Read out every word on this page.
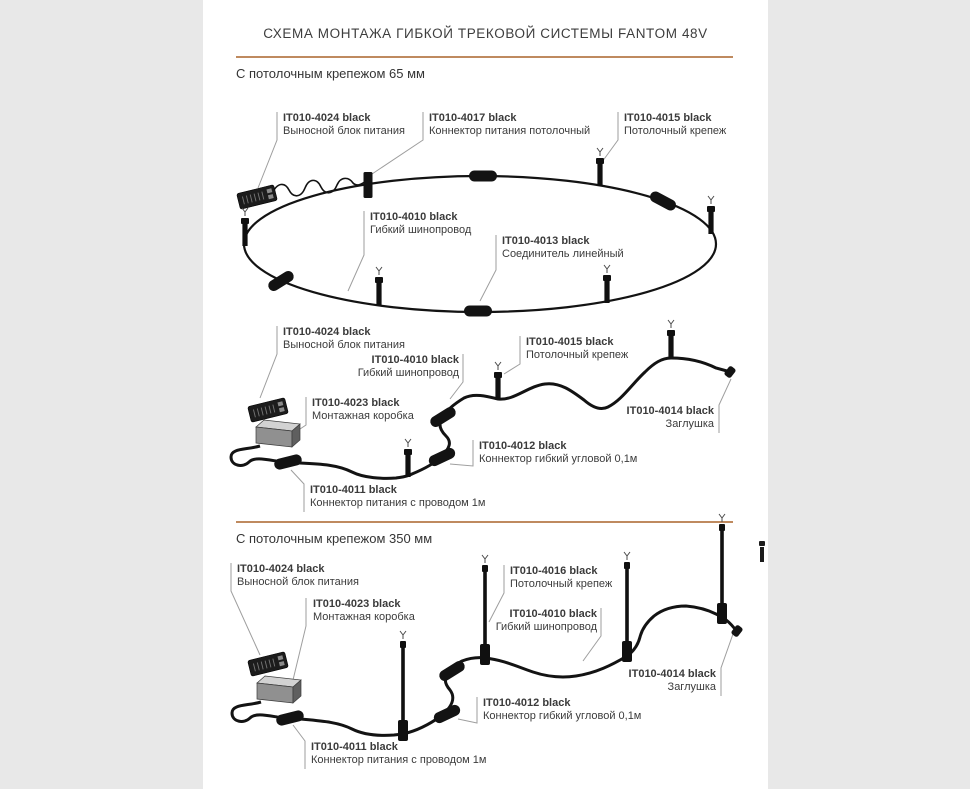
СХЕМА МОНТАЖА ГИБКОЙ ТРЕКОВОЙ СИСТЕМЫ FANTOM 48V
С потолочным крепежом 65 мм
С потолочным крепежом 350 мм
IT010-4024 black
Выносной блок питания
IT010-4017 black
Коннектор питания потолочный
IT010-4015 black
Потолочный крепеж
IT010-4010 black
Гибкий шинопровод
IT010-4013 black
Соединитель линейный
IT010-4024 black
Выносной блок питания
IT010-4010 black
Гибкий шинопровод
IT010-4015 black
Потолочный крепеж
IT010-4023 black
Монтажная коробка	IT010-4014 black
Заглушка
IT010-4012 black
Коннектор гибкий угловой 0,1м
IT010-4011 black
Коннектор питания с проводом 1м
IT010-4024 black
Выносной блок питания
IT010-4023 black
Монтажная коробка
IT010-4016 black
Потолочный крепеж
IT010-4010 black
Гибкий шинопровод
IT010-4014 black
Заглушка
IT010-4012 black
Коннектор гибкий угловой 0,1м
IT010-4011 black
Коннектор питания с проводом 1м
